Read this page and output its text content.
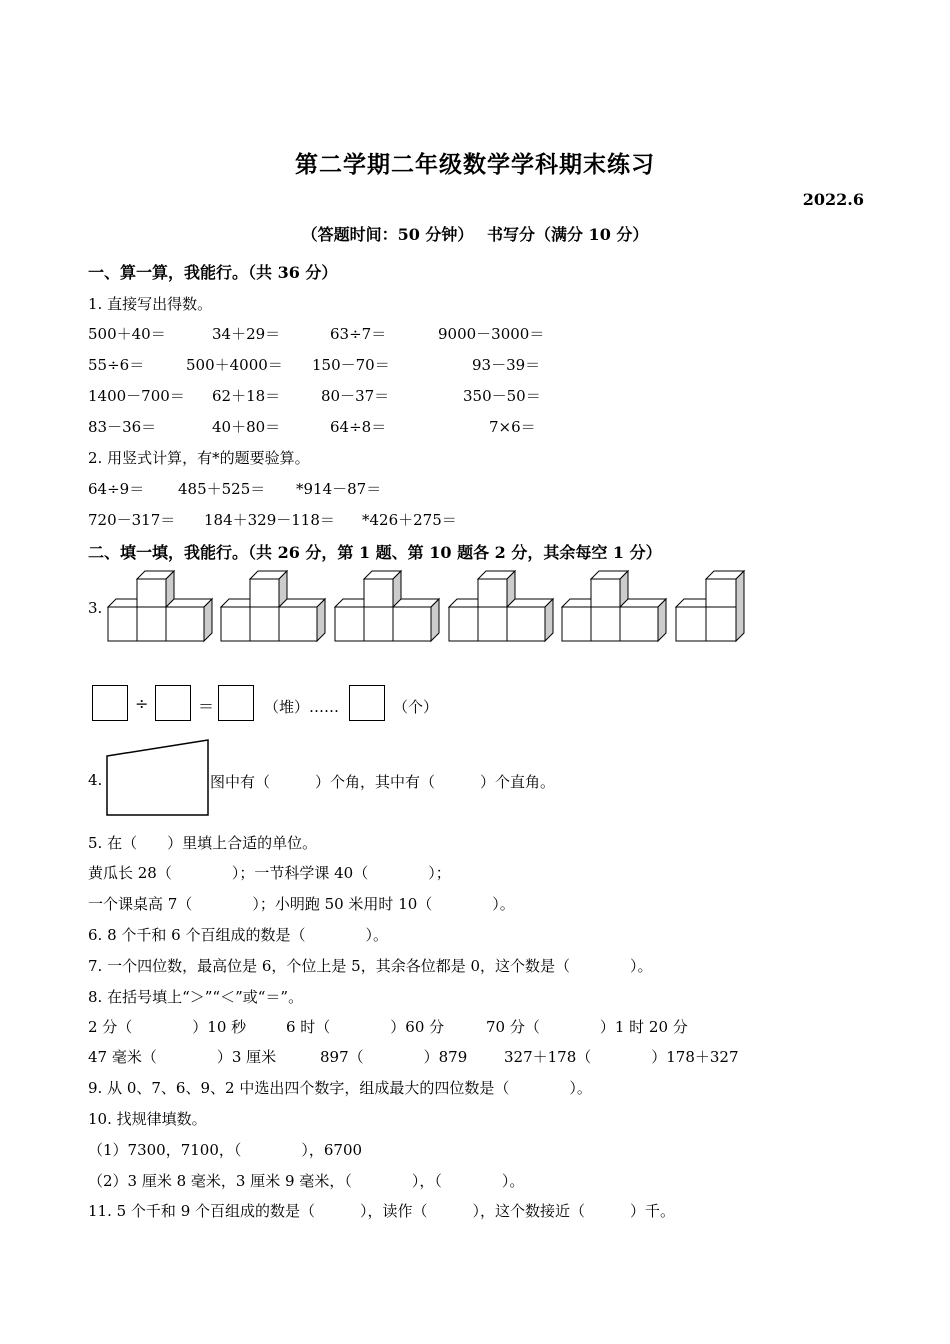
第二学期二年级数学学科期末练习
2022.6
（答题时间：50 分钟）　 书写分（满分 10 分）
一、算一算，我能行。（共 36 分）
1. 直接写出得数。
500＋40＝	34＋29＝	63÷7＝	9000－3000＝
55÷6＝	500＋4000＝ 150－70＝	93－39＝
1400－700＝ 62＋18＝	80－37＝	350－50＝
83－36＝	40＋80＝	64÷8＝	7×6＝
2. 用竖式计算，有*的题要验算。
64÷9＝ 485＋525＝ *914－87＝
720－317＝ 184＋329－118＝ *426＋275＝
二、填一填，我能行。（共 26 分，第 1 题、第 10 题各 2 分，其余每空 1 分）
3.
÷	＝	（堆）……	（个）
4.	图中有（　　　）个角，其中有（　　　）个直角。
5. 在（　　）里填上合适的单位。
黄瓜长 28（　　　　）；一节科学课 40（　　　　）；
一个课桌高 7（　　　　）；小明跑 50 米用时 10（　　　　）。
6. 8 个千和 6 个百组成的数是（　　　　）。
7. 一个四位数，最高位是 6，个位上是 5，其余各位都是 0，这个数是（　　　　）。
8. 在括号填上“＞”“＜”或“＝”。
2 分（　　　　）10 秒	6 时（　　　　）60 分	70 分（　　　　）1 时 20 分
47 毫米（　　　　）3 厘米	897（　　　　）879 327＋178（　　　　）178＋327
9. 从 0、7、6、9、2 中选出四个数字，组成最大的四位数是（　　　　）。
10. 找规律填数。
（1）7300，7100，（　　　　），6700
（2）3 厘米 8 毫米，3 厘米 9 毫米，（　　　　），（　　　　）。
11. 5 个千和 9 个百组成的数是（　　　），读作（　　　），这个数接近（　　　）千。
